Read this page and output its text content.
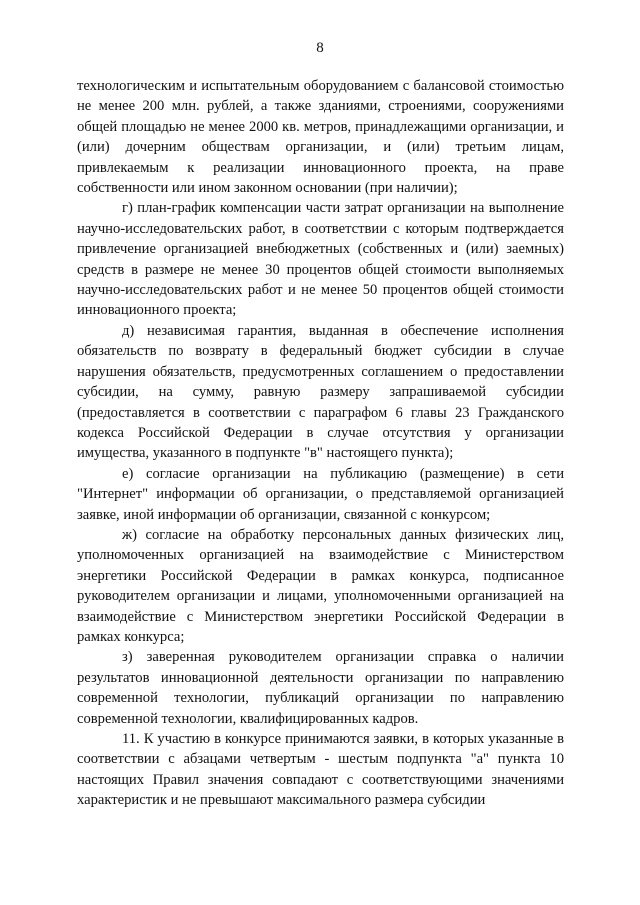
8

технологическим и испытательным оборудованием с балансовой стоимостью не менее 200 млн. рублей, а также зданиями, строениями, сооружениями общей площадью не менее 2000 кв. метров, принадлежащими организации, и (или) дочерним обществам организации, и (или) третьим лицам, привлекаемым к реализации инновационного проекта, на праве собственности или ином законном основании (при наличии);

г) план-график компенсации части затрат организации на выполнение научно-исследовательских работ, в соответствии с которым подтверждается привлечение организацией внебюджетных (собственных и (или) заемных) средств в размере не менее 30 процентов общей стоимости выполняемых научно-исследовательских работ и не менее 50 процентов общей стоимости инновационного проекта;

д) независимая гарантия, выданная в обеспечение исполнения обязательств по возврату в федеральный бюджет субсидии в случае нарушения обязательств, предусмотренных соглашением о предоставлении субсидии, на сумму, равную размеру запрашиваемой субсидии (предоставляется в соответствии с параграфом 6 главы 23 Гражданского кодекса Российской Федерации в случае отсутствия у организации имущества, указанного в подпункте "в" настоящего пункта);

е) согласие организации на публикацию (размещение) в сети "Интернет" информации об организации, о представляемой организацией заявке, иной информации об организации, связанной с конкурсом;

ж) согласие на обработку персональных данных физических лиц, уполномоченных организацией на взаимодействие с Министерством энергетики Российской Федерации в рамках конкурса, подписанное руководителем организации и лицами, уполномоченными организацией на взаимодействие с Министерством энергетики Российской Федерации в рамках конкурса;

з) заверенная руководителем организации справка о наличии результатов инновационной деятельности организации по направлению современной технологии, публикаций организации по направлению современной технологии, квалифицированных кадров.

11. К участию в конкурсе принимаются заявки, в которых указанные в соответствии с абзацами четвертым - шестым подпункта "а" пункта 10 настоящих Правил значения совпадают с соответствующими значениями характеристик и не превышают максимального размера субсидии
